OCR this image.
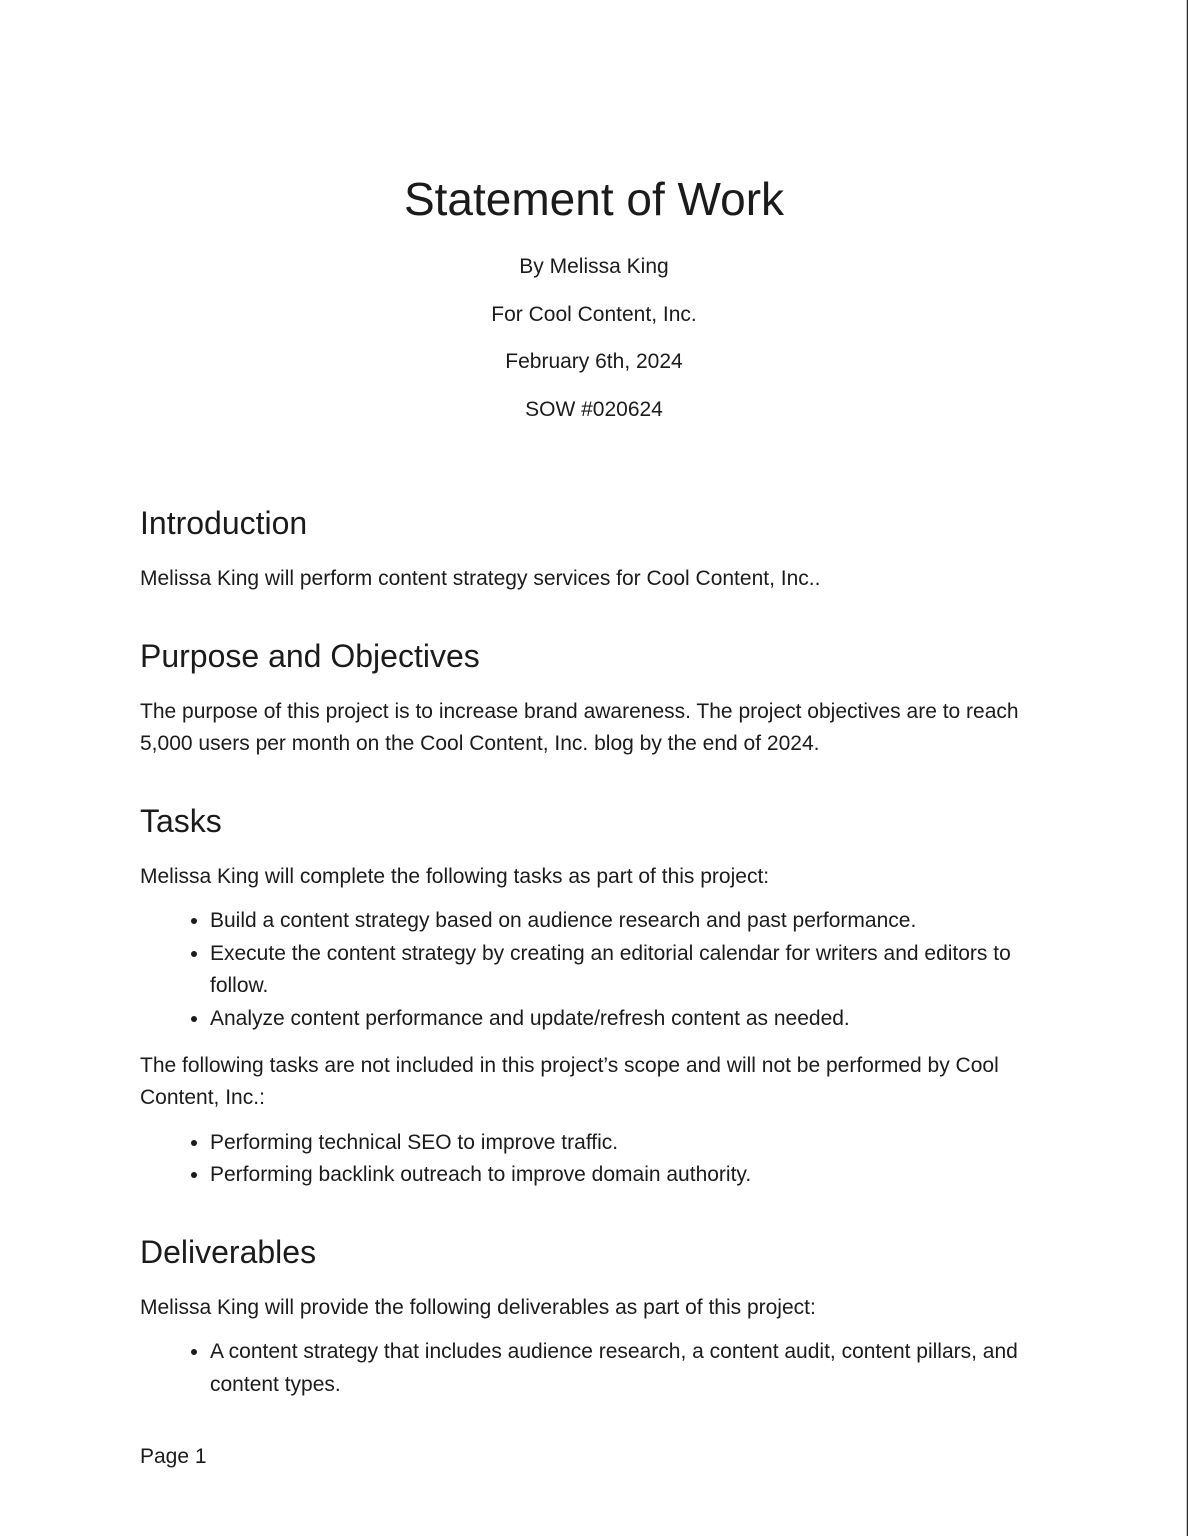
Statement of Work

By Melissa King

For Cool Content, Inc.

February 6th, 2024

SOW #020624

Introduction

Melissa King will perform content strategy services for Cool Content, Inc..

Purpose and Objectives

The purpose of this project is to increase brand awareness. The project objectives are to reach 5,000 users per month on the Cool Content, Inc. blog by the end of 2024.

Tasks

Melissa King will complete the following tasks as part of this project:

• Build a content strategy based on audience research and past performance.
• Execute the content strategy by creating an editorial calendar for writers and editors to follow.
• Analyze content performance and update/refresh content as needed.

The following tasks are not included in this project’s scope and will not be performed by Cool Content, Inc.:

• Performing technical SEO to improve traffic.
• Performing backlink outreach to improve domain authority.
Deliverables

Melissa King will provide the following deliverables as part of this project:

• A content strategy that includes audience research, a content audit, content pillars, and content types.
Page 1
